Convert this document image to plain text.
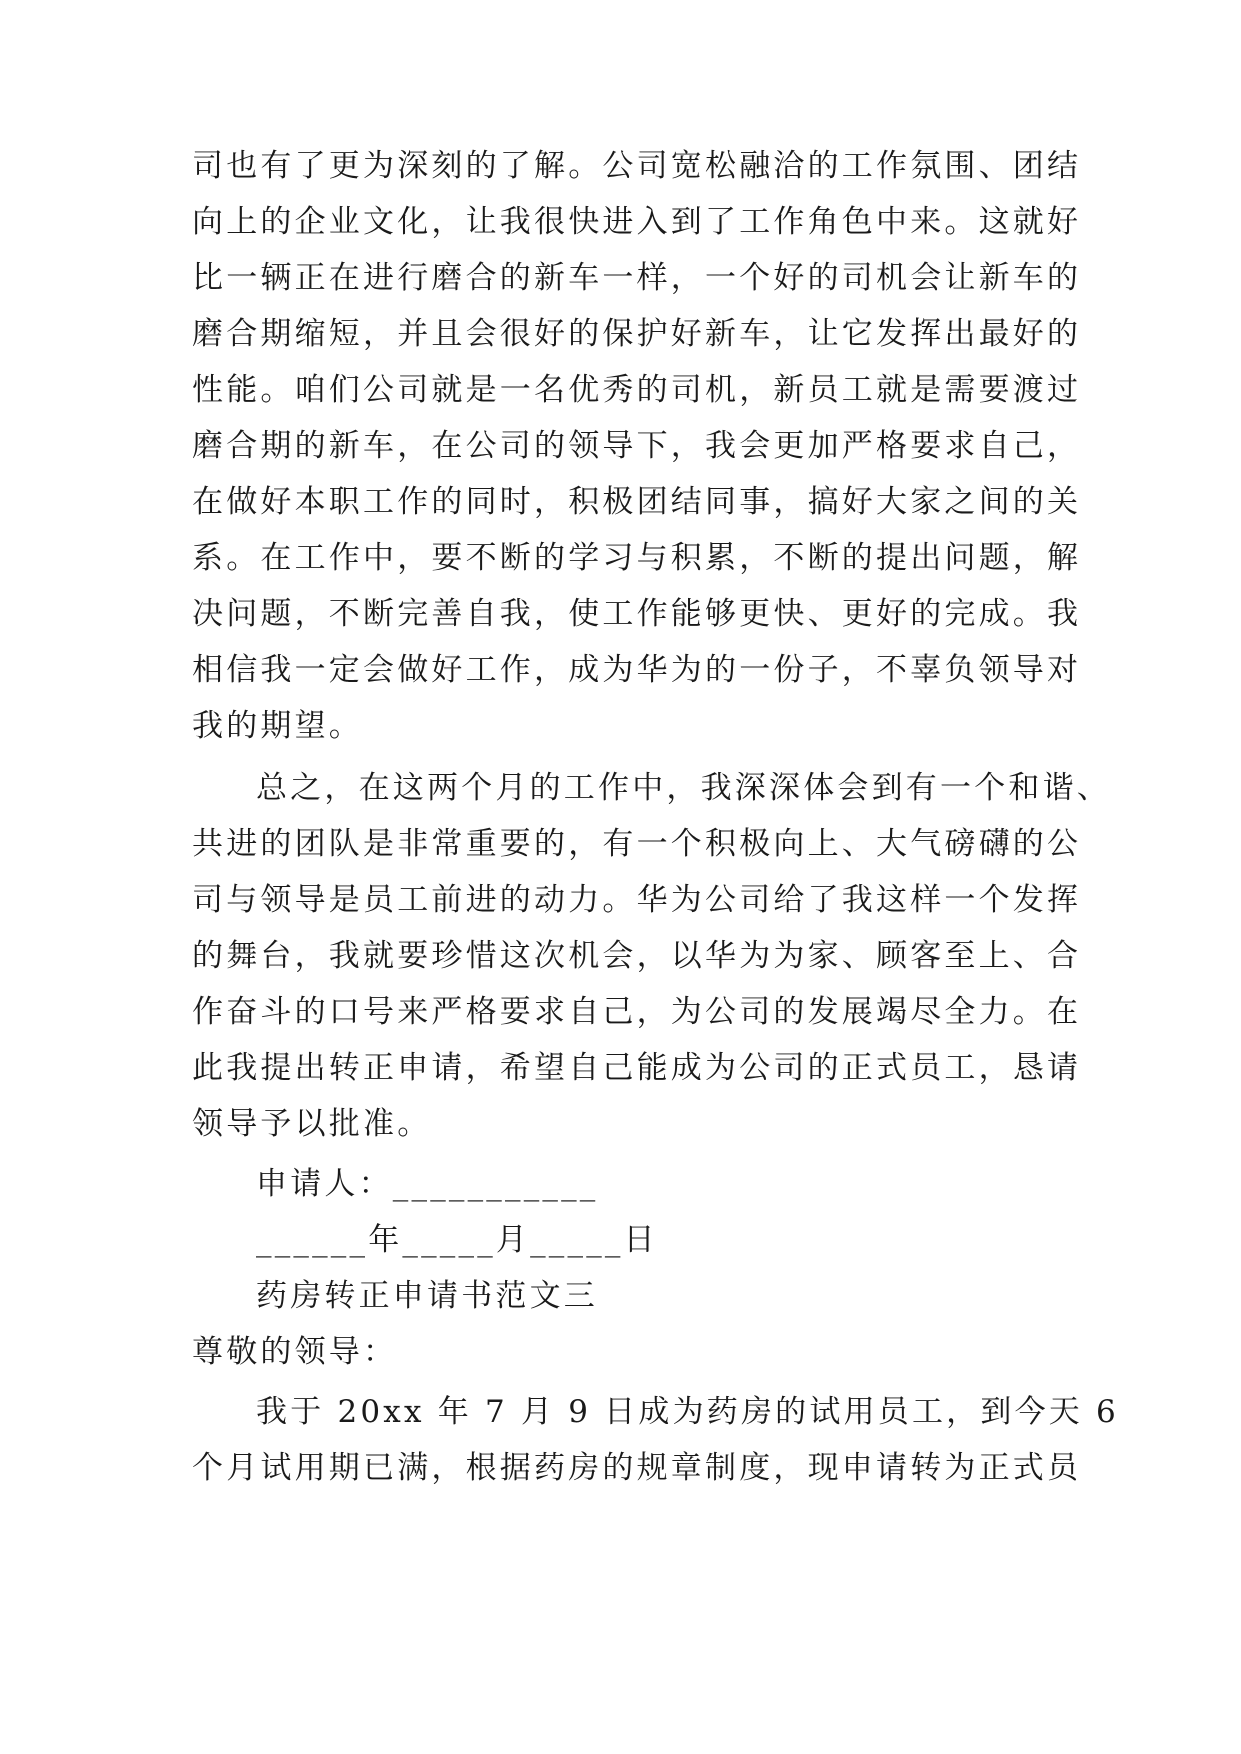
司也有了更为深刻的了解。公司宽松融洽的工作氛围、团结
向上的企业文化，让我很快进入到了工作角色中来。这就好
比一辆正在进行磨合的新车一样，一个好的司机会让新车的
磨合期缩短，并且会很好的保护好新车，让它发挥出最好的
性能。咱们公司就是一名优秀的司机，新员工就是需要渡过
磨合期的新车，在公司的领导下，我会更加严格要求自己，
在做好本职工作的同时，积极团结同事，搞好大家之间的关
系。在工作中，要不断的学习与积累，不断的提出问题，解
决问题，不断完善自我，使工作能够更快、更好的完成。我
相信我一定会做好工作，成为华为的一份子，不辜负领导对
我的期望。
总之，在这两个月的工作中，我深深体会到有一个和谐、
共进的团队是非常重要的，有一个积极向上、大气磅礴的公
司与领导是员工前进的动力。华为公司给了我这样一个发挥
的舞台，我就要珍惜这次机会，以华为为家、顾客至上、合
作奋斗的口号来严格要求自己，为公司的发展竭尽全力。在
此我提出转正申请，希望自己能成为公司的正式员工，恳请
领导予以批准。
申请人：___________
______年_____月_____日
药房转正申请书范文三
尊敬的领导：
我于 20xx 年 7 月 9 日成为药房的试用员工，到今天 6
个月试用期已满，根据药房的规章制度，现申请转为正式员
